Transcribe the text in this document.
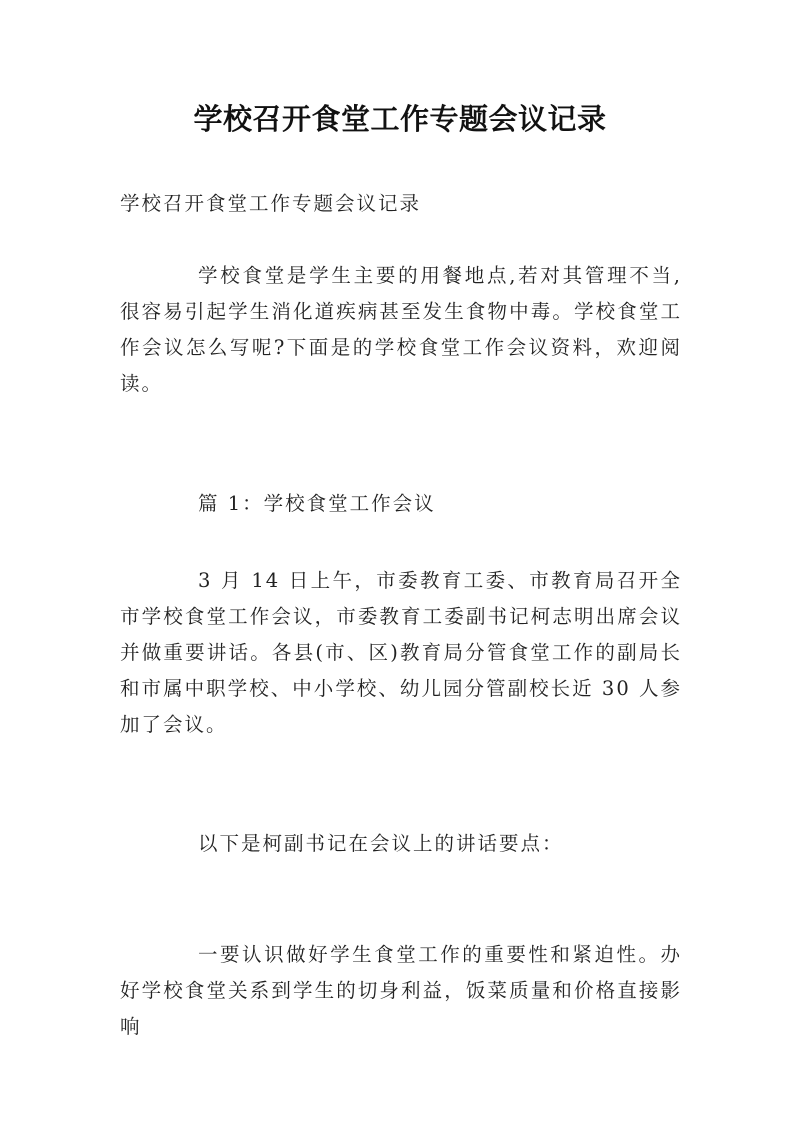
学校召开食堂工作专题会议记录

学校召开食堂工作专题会议记录

学校食堂是学生主要的用餐地点,若对其管理不当,很容易引起学生消化道疾病甚至发生食物中毒。学校食堂工作会议怎么写呢?下面是的学校食堂工作会议资料，欢迎阅读。

篇 1：学校食堂工作会议

3 月 14 日上午，市委教育工委、市教育局召开全市学校食堂工作会议，市委教育工委副书记柯志明出席会议并做重要讲话。各县(市、区)教育局分管食堂工作的副局长和市属中职学校、中小学校、幼儿园分管副校长近 30 人参加了会议。

以下是柯副书记在会议上的讲话要点：

一要认识做好学生食堂工作的重要性和紧迫性。办好学校食堂关系到学生的切身利益，饭菜质量和价格直接影响
